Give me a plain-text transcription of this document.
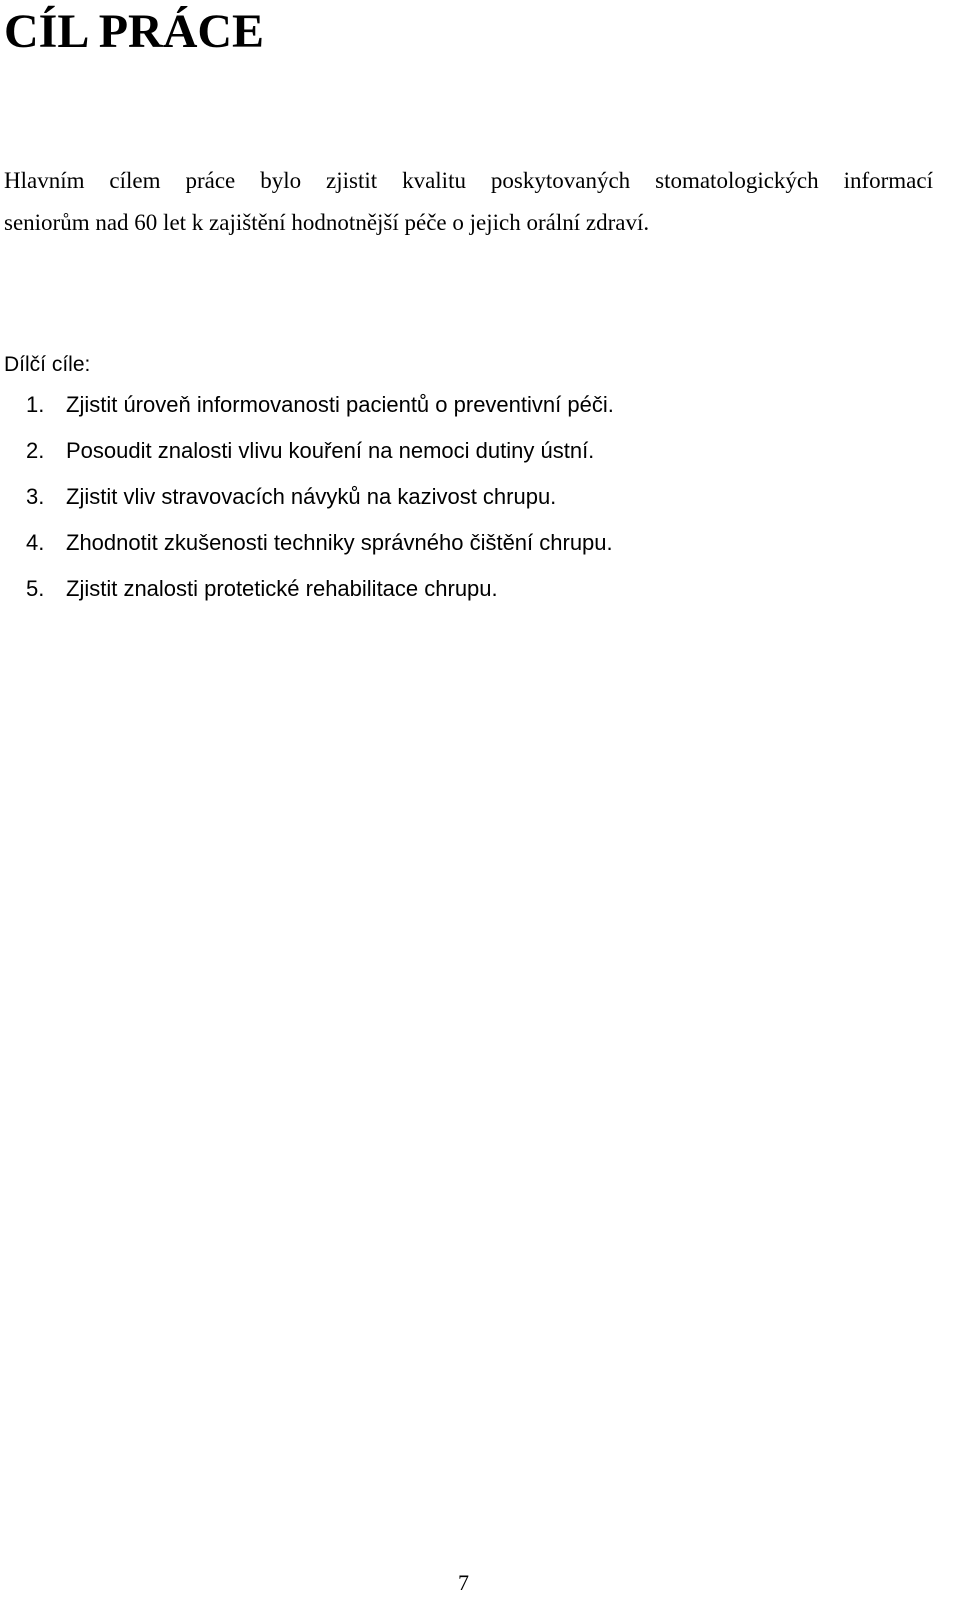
CÍL PRÁCE

Hlavním cílem práce bylo zjistit kvalitu poskytovaných stomatologických informací
seniorům nad 60 let k zajištění hodnotnější péče o jejich orální zdraví.

Dílčí cíle:
1. Zjistit úroveň informovanosti pacientů o preventivní péči.
2. Posoudit znalosti vlivu kouření na nemoci dutiny ústní.
3. Zjistit vliv stravovacích návyků na kazivost chrupu.
4. Zhodnotit zkušenosti techniky správného čištění chrupu.
5. Zjistit znalosti protetické rehabilitace chrupu.
7
